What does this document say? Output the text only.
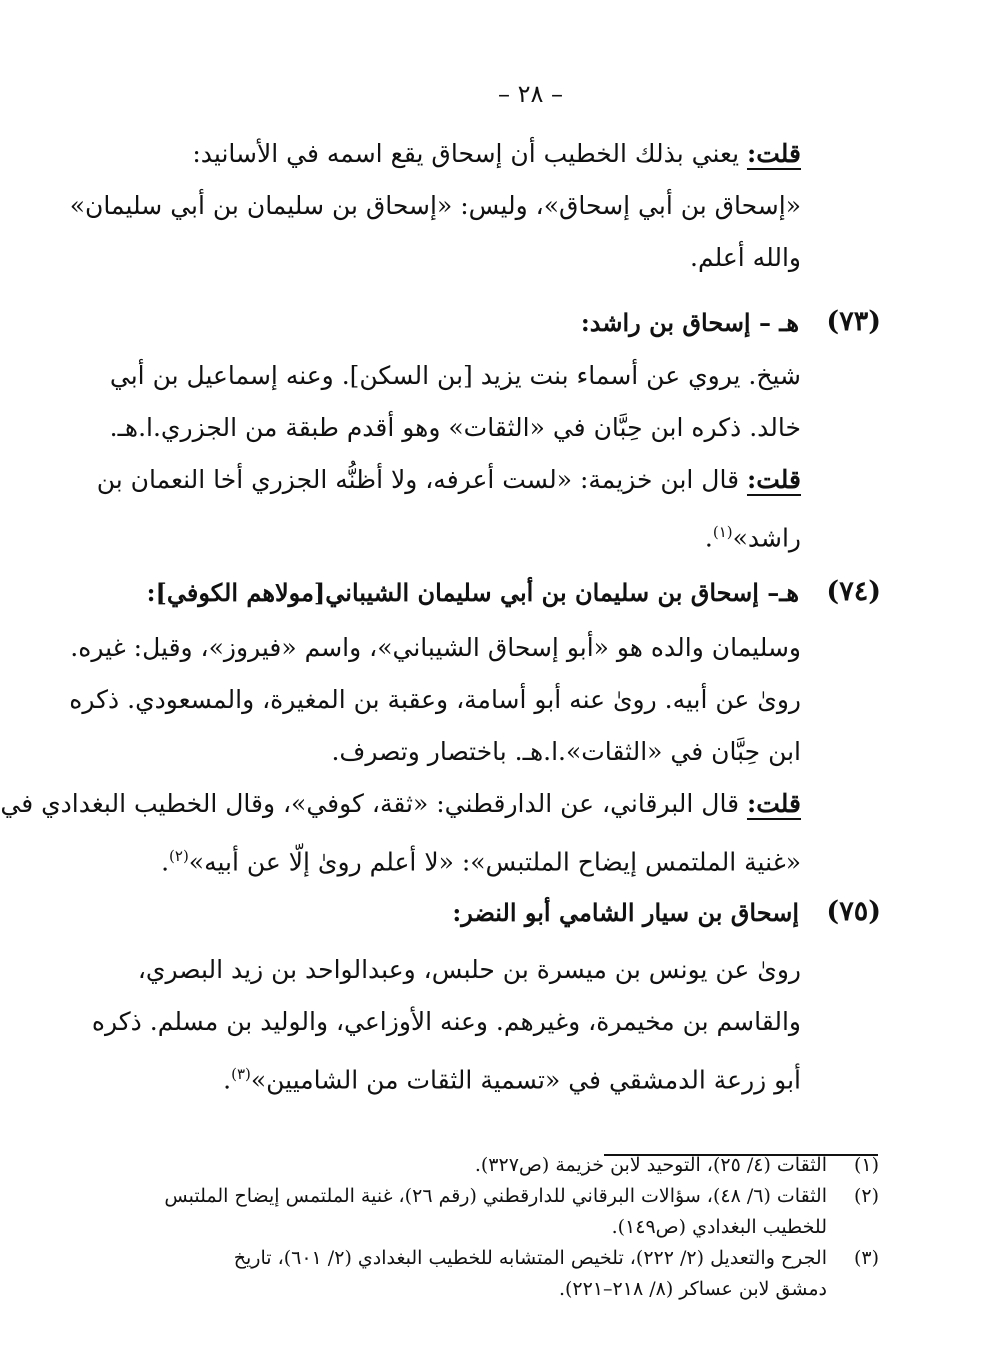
– ٢٨ –
قلت: يعني بذلك الخطيب أن إسحاق يقع اسمه في الأسانيد:
«إسحاق بن أبي إسحاق»، وليس: «إسحاق بن سليمان بن أبي سليمان»
والله أعلم.
(٧٣)
هـ – إسحاق بن راشد:
شيخ. يروي عن أسماء بنت يزيد [بن السكن]. وعنه إسماعيل بن أبي
خالد. ذكره ابن حِبَّان في «الثقات» وهو أقدم طبقة من الجزري.ا.هـ.
قلت: قال ابن خزيمة: «لست أعرفه، ولا أظنُّه الجزري أخا النعمان بن
راشد»$^{(١)}$.
(٧٤)
هـ– إسحاق بن سليمان بن أبي سليمان الشيباني[مولاهم الكوفي]:
وسليمان والده هو «أبو إسحاق الشيباني»، واسم «فيروز»، وقيل: غيره.
رویٰ عن أبيه. رویٰ عنه أبو أسامة، وعقبة بن المغيرة، والمسعودي. ذكره
ابن حِبَّان في «الثقات».ا.هـ. باختصار وتصرف.
قلت: قال البرقاني، عن الدارقطني: «ثقة، كوفي»، وقال الخطيب البغدادي في
«غنية الملتمس إيضاح الملتبس»: «لا أعلم رویٰ إلّا عن أبيه»$^{(٢)}$.
(٧٥)
إسحاق بن سيار الشامي أبو النضر:
رویٰ عن يونس بن ميسرة بن حلبس، وعبدالواحد بن زيد البصري،
والقاسم بن مخيمرة، وغيرهم. وعنه الأوزاعي، والوليد بن مسلم. ذكره
أبو زرعة الدمشقي في «تسمية الثقات من الشاميين»$^{(٣)}$.
(١)
الثقات (٤/ ٢٥)، التوحيد لابن خزيمة (ص٣٢٧).
(٢)
الثقات (٦/ ٤٨)، سؤالات البرقاني للدارقطني (رقم ٢٦)، غنية الملتمس إيضاح الملتبس
للخطيب البغدادي (ص١٤٩).
(٣)
الجرح والتعديل (٢/ ٢٢٢)، تلخيص المتشابه للخطيب البغدادي (٢/ ٦٠١)، تاريخ
دمشق لابن عساكر (٨/ ٢١٨–٢٢١).
